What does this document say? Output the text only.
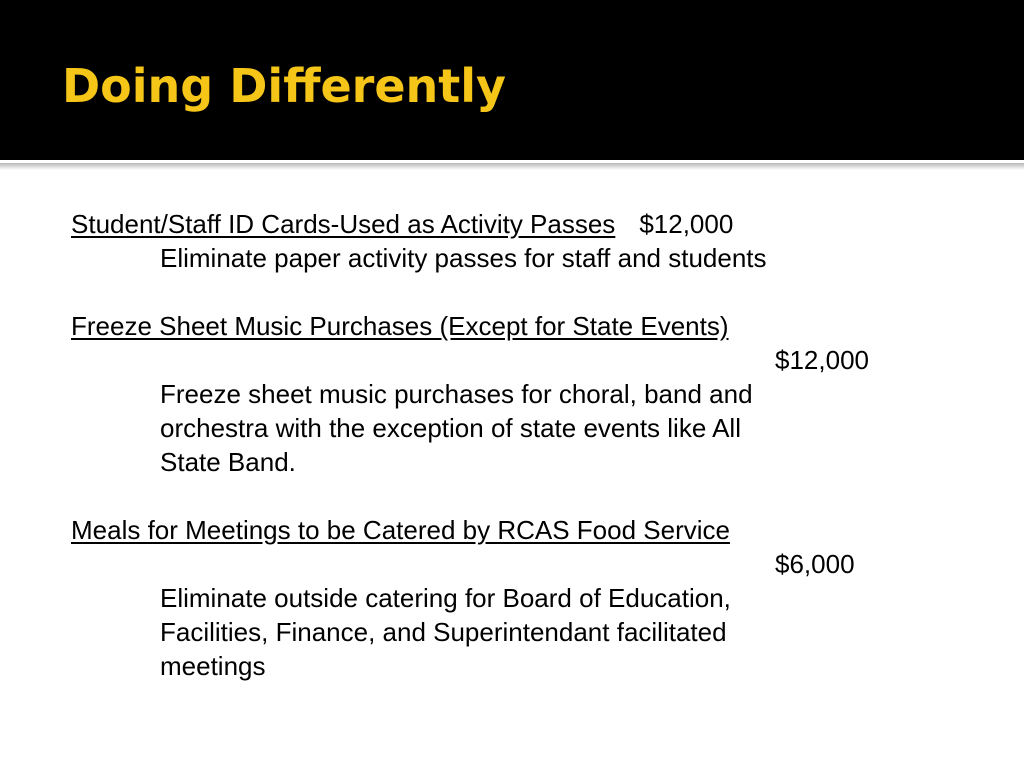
Doing Differently
Student/Staff ID Cards-Used as Activity Passes $12,000
Eliminate paper activity passes for staff and students
Freeze Sheet Music Purchases (Except for State Events)
$12,000
Freeze sheet music purchases for choral, band and
orchestra with the exception of state events like All
State Band.
Meals for Meetings to be Catered by RCAS Food Service
$6,000
Eliminate outside catering for Board of Education,
Facilities, Finance, and Superintendant facilitated
meetings
